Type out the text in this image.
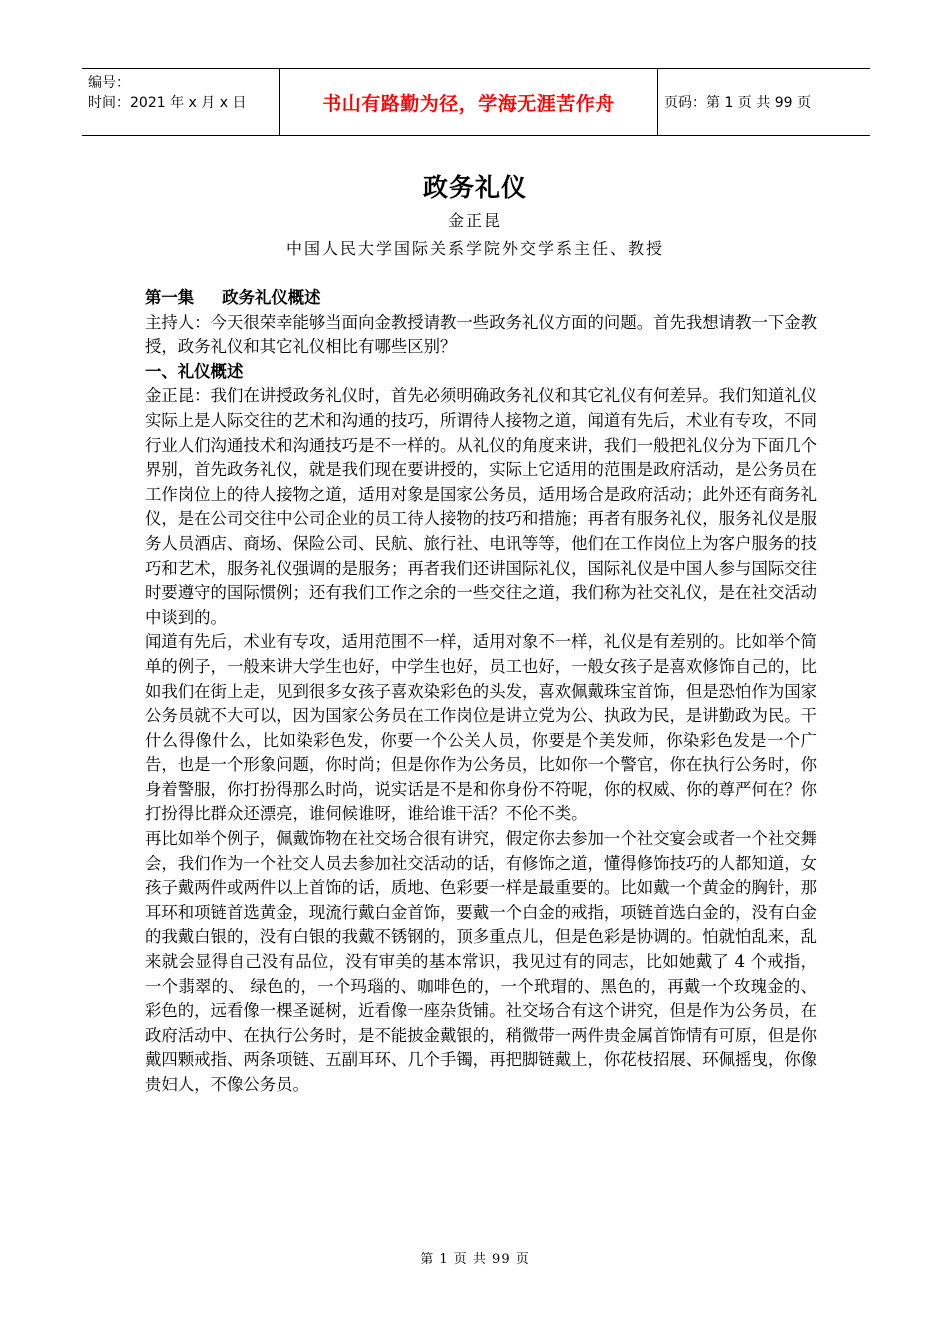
编号：
时间：2021 年 x 月 x 日	书山有路勤为径，学海无涯苦作舟	页码：第 1 页 共 99 页
政务礼仪
金正昆
中国人民大学国际关系学院外交学系主任、教授

第一集 政务礼仪概述

主持人：今天很荣幸能够当面向金教授请教一些政务礼仪方面的问题。首先我想请教一下金教授，政务礼仪和其它礼仪相比有哪些区别？

一、礼仪概述

金正昆：我们在讲授政务礼仪时，首先必须明确政务礼仪和其它礼仪有何差异。我们知道礼仪实际上是人际交往的艺术和沟通的技巧，所谓待人接物之道，闻道有先后，术业有专攻，不同行业人们沟通技术和沟通技巧是不一样的。从礼仪的角度来讲，我们一般把礼仪分为下面几个界别，首先政务礼仪，就是我们现在要讲授的，实际上它适用的范围是政府活动，是公务员在工作岗位上的待人接物之道，适用对象是国家公务员，适用场合是政府活动；此外还有商务礼仪，是在公司交往中公司企业的员工待人接物的技巧和措施；再者有服务礼仪，服务礼仪是服务人员酒店、商场、保险公司、民航、旅行社、电讯等等，他们在工作岗位上为客户服务的技巧和艺术，服务礼仪强调的是服务；再者我们还讲国际礼仪，国际礼仪是中国人参与国际交往时要遵守的国际惯例；还有我们工作之余的一些交往之道，我们称为社交礼仪，是在社交活动中谈到的。

闻道有先后，术业有专攻，适用范围不一样，适用对象不一样，礼仪是有差别的。比如举个简单的例子，一般来讲大学生也好，中学生也好，员工也好，一般女孩子是喜欢修饰自己的，比如我们在街上走，见到很多女孩子喜欢染彩色的头发，喜欢佩戴珠宝首饰，但是恐怕作为国家公务员就不大可以，因为国家公务员在工作岗位是讲立党为公、执政为民，是讲勤政为民。干什么得像什么，比如染彩色发，你要一个公关人员，你要是个美发师，你染彩色发是一个广告，也是一个形象问题，你时尚；但是你作为公务员，比如你一个警官，你在执行公务时，你身着警服，你打扮得那么时尚，说实话是不是和你身份不符呢，你的权威、你的尊严何在？你打扮得比群众还漂亮，谁伺候谁呀，谁给谁干活？不伦不类。

再比如举个例子，佩戴饰物在社交场合很有讲究，假定你去参加一个社交宴会或者一个社交舞会，我们作为一个社交人员去参加社交活动的话，有修饰之道，懂得修饰技巧的人都知道，女孩子戴两件或两件以上首饰的话，质地、色彩要一样是最重要的。比如戴一个黄金的胸针，那耳环和项链首选黄金，现流行戴白金首饰，要戴一个白金的戒指，项链首选白金的，没有白金的我戴白银的，没有白银的我戴不锈钢的，顶多重点儿，但是色彩是协调的。怕就怕乱来，乱来就会显得自己没有品位，没有审美的基本常识，我见过有的同志，比如她戴了 4 个戒指，一个翡翠的、 绿色的，一个玛瑙的、咖啡色的，一个玳瑁的、黑色的，再戴一个玫瑰金的、彩色的，远看像一棵圣诞树，近看像一座杂货铺。社交场合有这个讲究，但是作为公务员，在政府活动中、在执行公务时，是不能披金戴银的，稍微带一两件贵金属首饰情有可原，但是你戴四颗戒指、两条项链、五副耳环、几个手镯，再把脚链戴上，你花枝招展、环佩摇曳，你像贵妇人，不像公务员。

第 1 页 共 99 页
